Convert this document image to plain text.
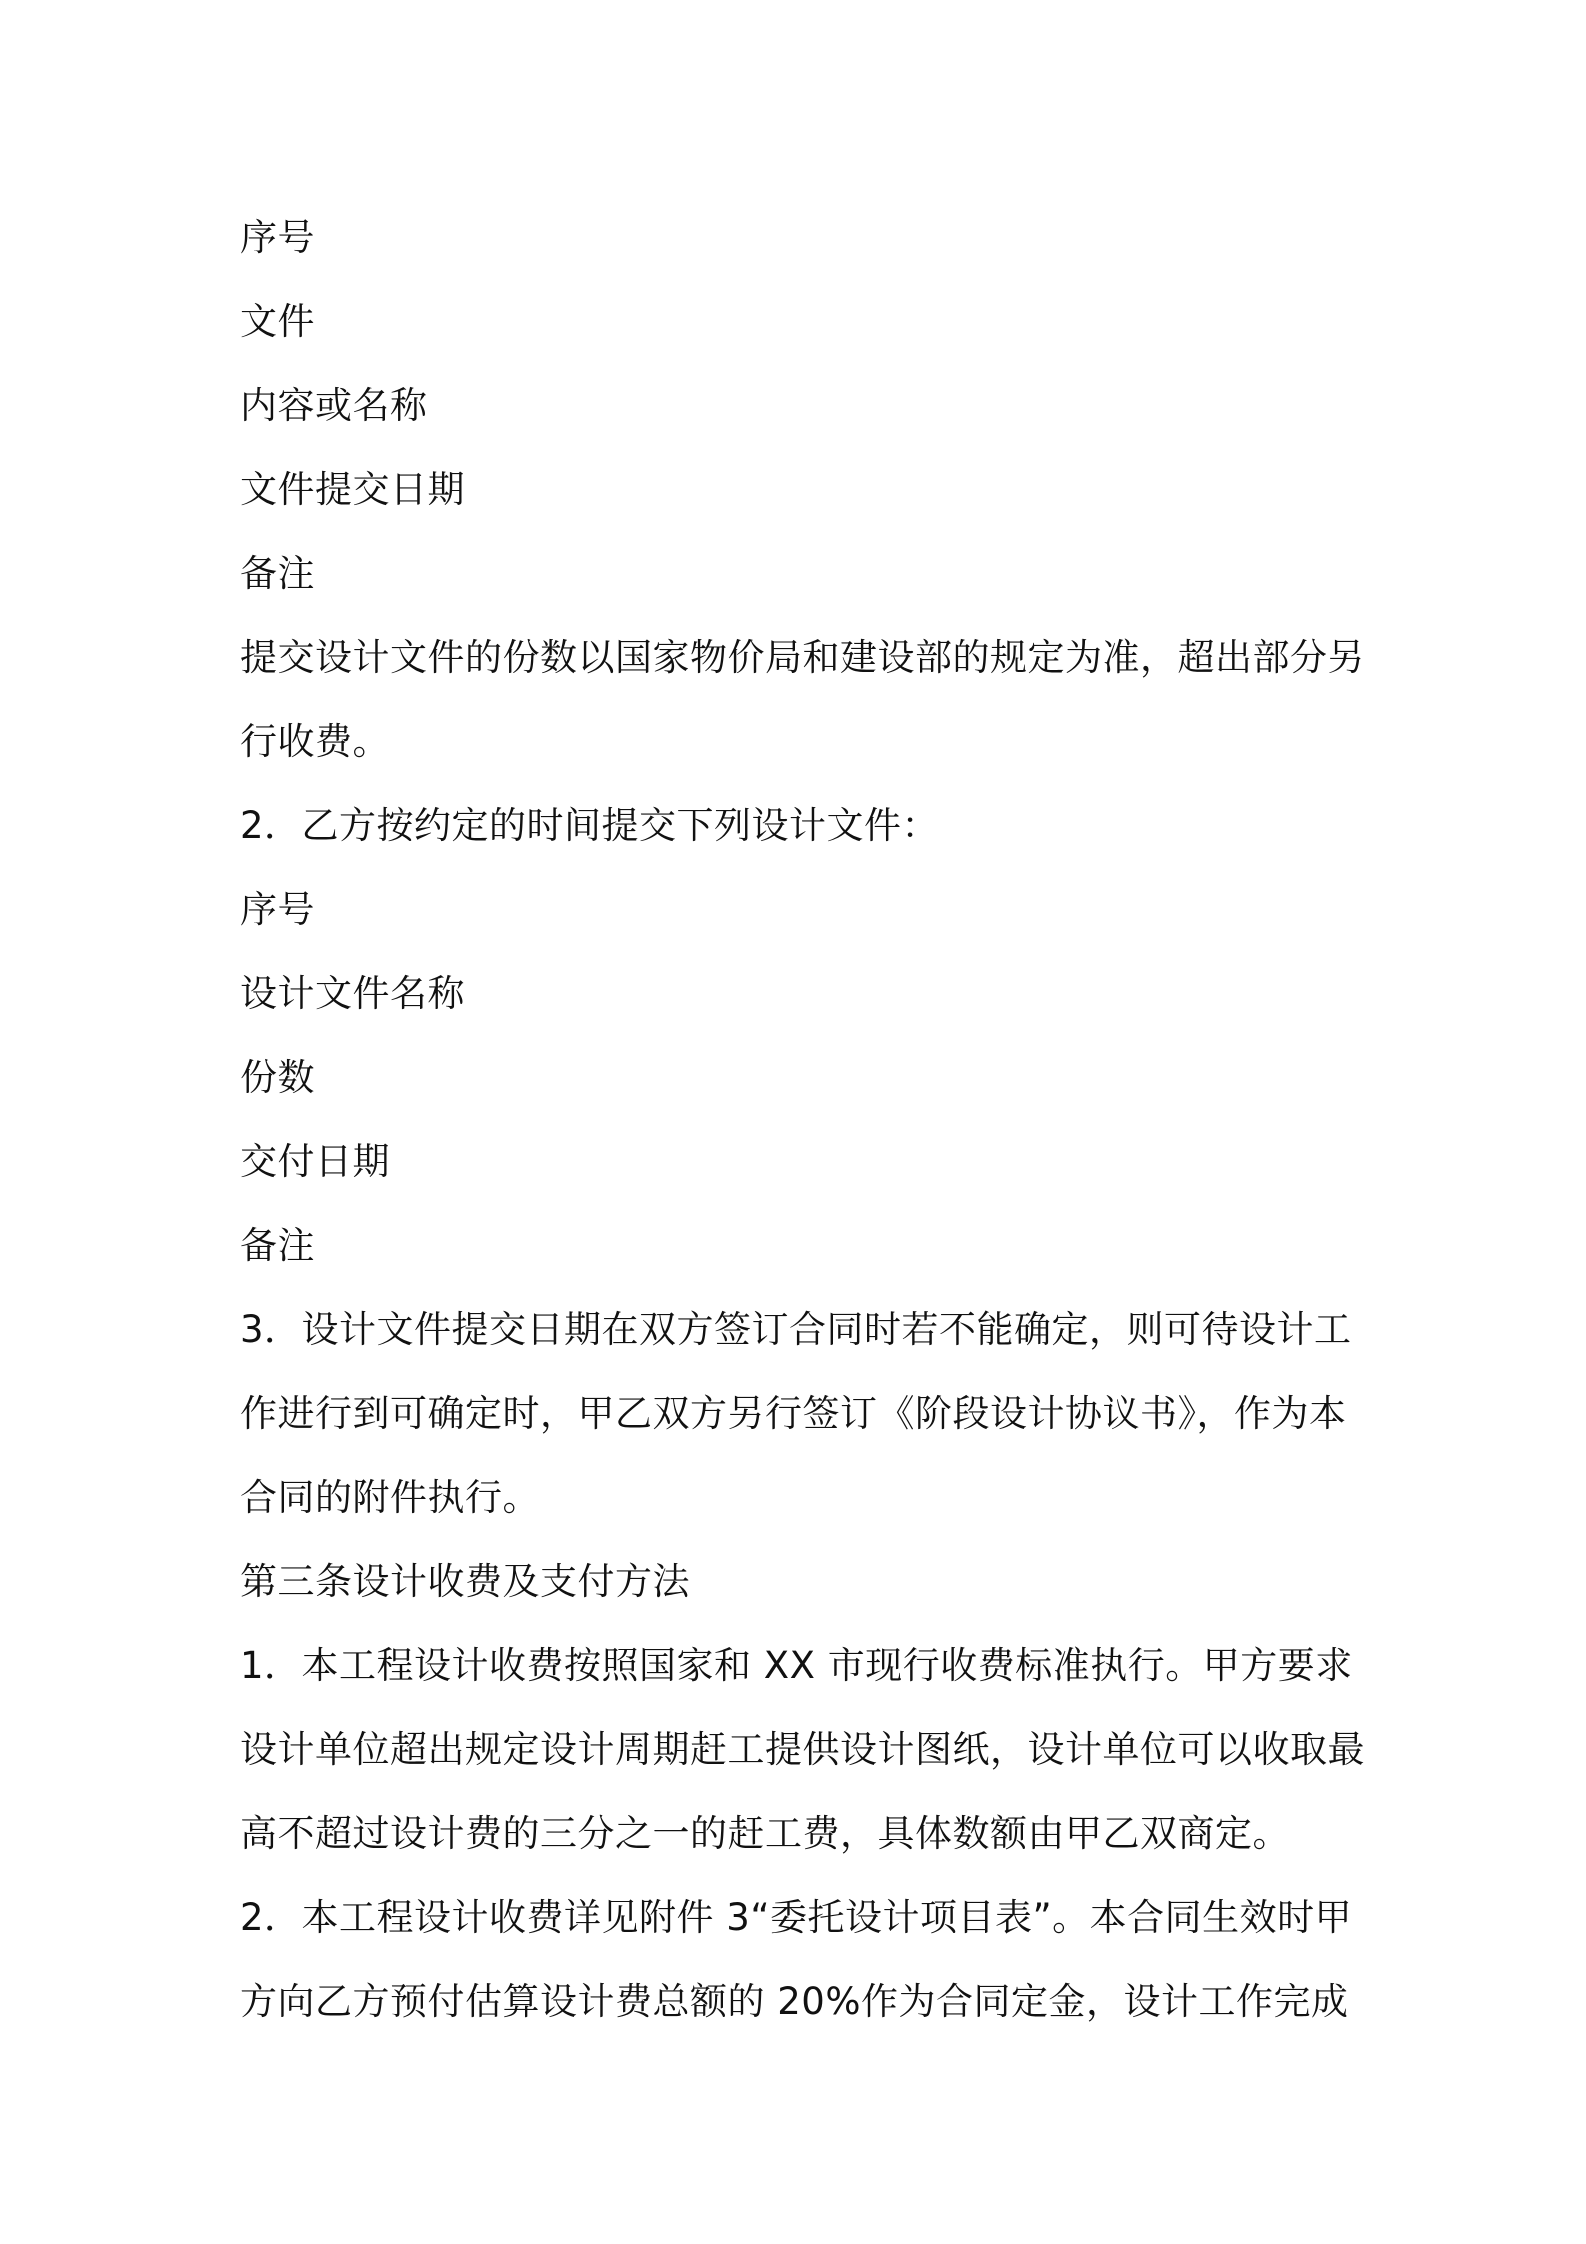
序号

文件

内容或名称

文件提交日期

备注

提交设计文件的份数以国家物价局和建设部的规定为准，超出部分另

行收费。

2．乙方按约定的时间提交下列设计文件：

序号

设计文件名称

份数

交付日期

备注

3．设计文件提交日期在双方签订合同时若不能确定，则可待设计工

作进行到可确定时，甲乙双方另行签订《阶段设计协议书》，作为本

合同的附件执行。

第三条设计收费及支付方法

1．本工程设计收费按照国家和 XX 市现行收费标准执行。甲方要求

设计单位超出规定设计周期赶工提供设计图纸，设计单位可以收取最

高不超过设计费的三分之一的赶工费，具体数额由甲乙双商定。

2．本工程设计收费详见附件 3“委托设计项目表”。本合同生效时甲

方向乙方预付估算设计费总额的 20%作为合同定金，设计工作完成
